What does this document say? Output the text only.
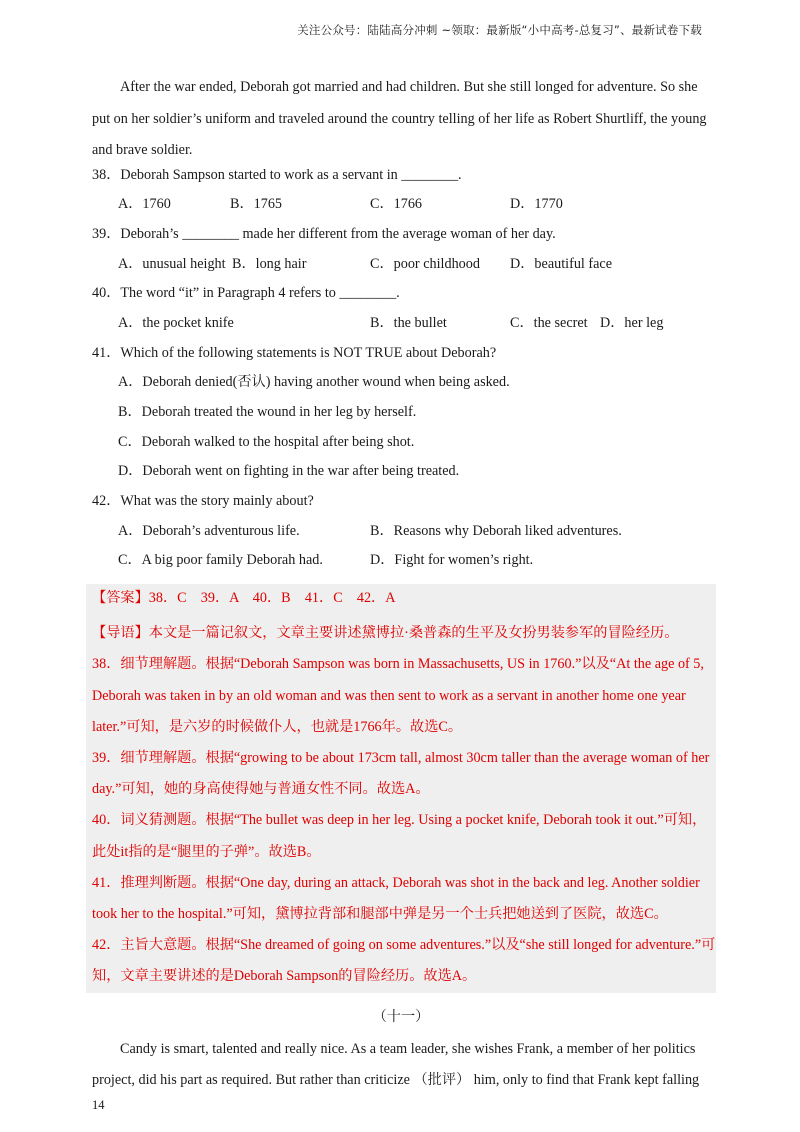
关注公众号：陆陆高分冲刺 ~领取：最新版“小中高考-总复习”、最新试卷下载

After the war ended, Deborah got married and had children. But she still longed for adventure. So she put on her soldier’s uniform and traveled around the country telling of her life as Robert Shurtliff, the young and brave soldier.

38．Deborah Sampson started to work as a servant in ________.

A．1760	B．1765	C．1766	D．1770

39．Deborah’s ________ made her different from the average woman of her day.

A．unusual height B．long hair	C．poor childhood D．beautiful face

40．The word “it” in Paragraph 4 refers to ________.

A．the pocket knife	B．the bullet	C．the secret D．her leg

41．Which of the following statements is NOT TRUE about Deborah?

A．Deborah denied(否认) having another wound when being asked.

B．Deborah treated the wound in her leg by herself.

C．Deborah walked to the hospital after being shot.

D．Deborah went on fighting in the war after being treated.

42．What was the story mainly about?

A．Deborah’s adventurous life.	B．Reasons why Deborah liked adventures.
C．A big poor family Deborah had.	D．Fight for women’s right.

【答案】38．C    39．A    40．B    41．C    42．A

【导语】本文是一篇记叙文，文章主要讲述黛博拉·桑普森的生平及女扮男装参军的冒险经历。

38．细节理解题。根据“Deborah Sampson was born in Massachusetts, US in 1760.”以及“At the age of 5, Deborah was taken in by an old woman and was then sent to work as a servant in another home one year later.”可知，是六岁的时候做仆人，也就是1766年。故选C。

39．细节理解题。根据“growing to be about 173cm tall, almost 30cm taller than the average woman of her day.”可知，她的身高使得她与普通女性不同。故选A。

40．词义猜测题。根据“The bullet was deep in her leg. Using a pocket knife, Deborah took it out.”可知，此处it指的是“腿里的子弹”。故选B。

41．推理判断题。根据“One day, during an attack, Deborah was shot in the back and leg. Another soldier took her to the hospital.”可知，黛博拉背部和腿部中弹是另一个士兵把她送到了医院，故选C。

42．主旨大意题。根据“She dreamed of going on some adventures.”以及“she still longed for adventure.”可知，文章主要讲述的是Deborah Sampson的冒险经历。故选A。

（十一）

Candy is smart, talented and really nice. As a team leader, she wishes Frank, a member of her politics project, did his part as required. But rather than criticize （批评） him, only to find that Frank kept falling

14
